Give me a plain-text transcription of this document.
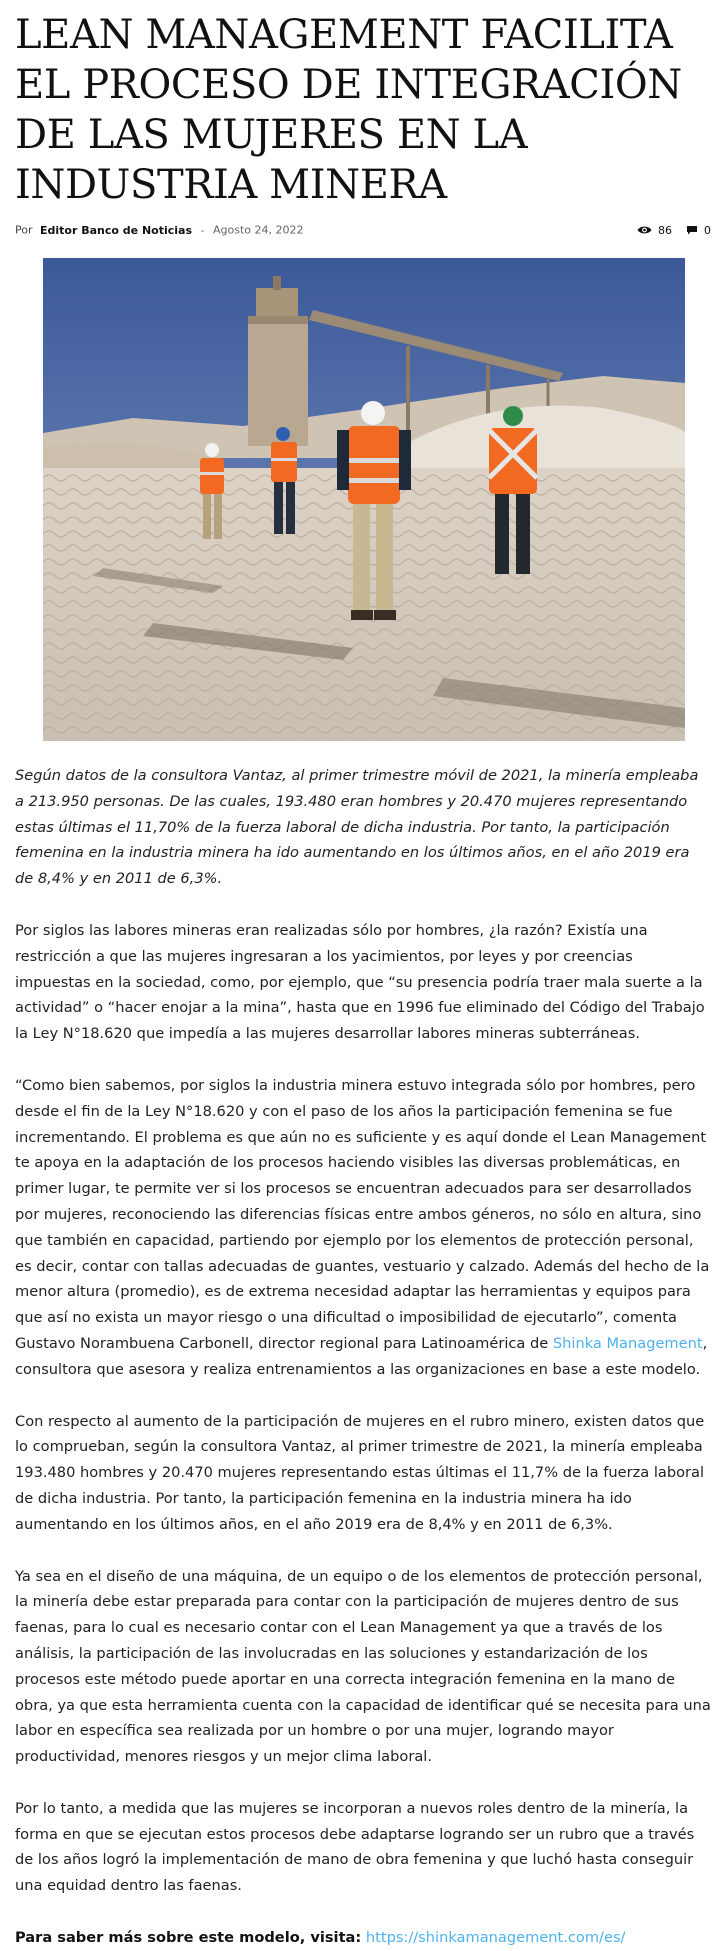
LEAN MANAGEMENT FACILITA EL PROCESO DE INTEGRACIÓN DE LAS MUJERES EN LA INDUSTRIA MINERA
Por Editor Banco de Noticias - Agosto 24, 2022	86	0

Según datos de la consultora Vantaz, al primer trimestre móvil de 2021, la minería empleaba a 213.950 personas. De las cuales, 193.480 eran hombres y 20.470 mujeres representando estas últimas el 11,70% de la fuerza laboral de dicha industria. Por tanto, la participación femenina en la industria minera ha ido aumentando en los últimos años, en el año 2019 era de 8,4% y en 2011 de 6,3%.

Por siglos las labores mineras eran realizadas sólo por hombres, ¿la razón? Existía una restricción a que las mujeres ingresaran a los yacimientos, por leyes y por creencias impuestas en la sociedad, como, por ejemplo, que “su presencia podría traer mala suerte a la actividad” o “hacer enojar a la mina”, hasta que en 1996 fue eliminado del Código del Trabajo la Ley N°18.620 que impedía a las mujeres desarrollar labores mineras subterráneas.

“Como bien sabemos, por siglos la industria minera estuvo integrada sólo por hombres, pero desde el fin de la Ley N°18.620 y con el paso de los años la participación femenina se fue incrementando. El problema es que aún no es suficiente y es aquí donde el Lean Management te apoya en la adaptación de los procesos haciendo visibles las diversas problemáticas, en primer lugar, te permite ver si los procesos se encuentran adecuados para ser desarrollados por mujeres, reconociendo las diferencias físicas entre ambos géneros, no sólo en altura, sino que también en capacidad, partiendo por ejemplo por los elementos de protección personal, es decir, contar con tallas adecuadas de guantes, vestuario y calzado. Además del hecho de la menor altura (promedio), es de extrema necesidad adaptar las herramientas y equipos para que así no exista un mayor riesgo o una dificultad o imposibilidad de ejecutarlo”, comenta Gustavo Norambuena Carbonell, director regional para Latinoamérica de Shinka Management, consultora que asesora y realiza entrenamientos a las organizaciones en base a este modelo.

Con respecto al aumento de la participación de mujeres en el rubro minero, existen datos que lo comprueban, según la consultora Vantaz, al primer trimestre de 2021, la minería empleaba 193.480 hombres y 20.470 mujeres representando estas últimas el 11,7% de la fuerza laboral de dicha industria. Por tanto, la participación femenina en la industria minera ha ido aumentando en los últimos años, en el año 2019 era de 8,4% y en 2011 de 6,3%.

Ya sea en el diseño de una máquina, de un equipo o de los elementos de protección personal, la minería debe estar preparada para contar con la participación de mujeres dentro de sus faenas, para lo cual es necesario contar con el Lean Management ya que a través de los análisis, la participación de las involucradas en las soluciones y estandarización de los procesos este método puede aportar en una correcta integración femenina en la mano de obra, ya que esta herramienta cuenta con la capacidad de identificar qué se necesita para una labor en específica sea realizada por un hombre o por una mujer, logrando mayor productividad, menores riesgos y un mejor clima laboral.

Por lo tanto, a medida que las mujeres se incorporan a nuevos roles dentro de la minería, la forma en que se ejecutan estos procesos debe adaptarse logrando ser un rubro que a través de los años logró la implementación de mano de obra femenina y que luchó hasta conseguir una equidad dentro las faenas.

Para saber más sobre este modelo, visita: https://shinkamanagement.com/es/
